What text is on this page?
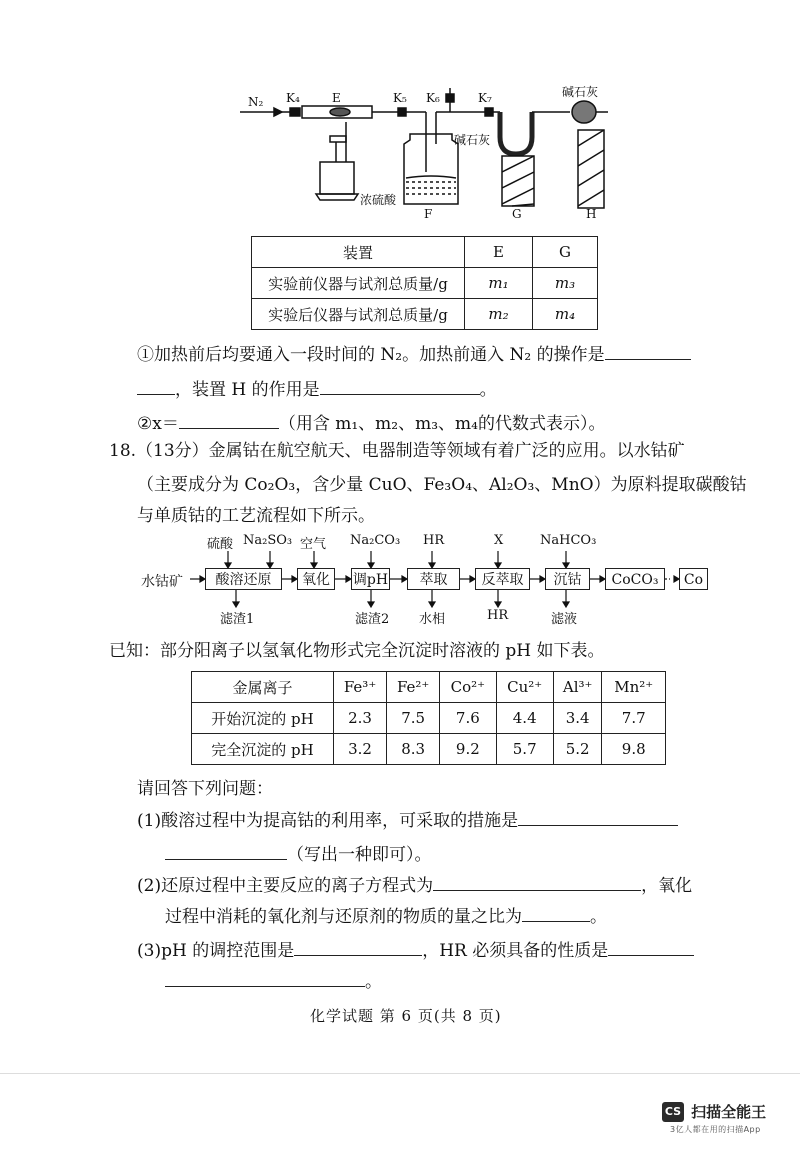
N₂ K₄	E	K₅ K₆	K₇	碱石灰
碱石灰
浓硫酸
F	G	H
装置	E	G
实验前仪器与试剂总质量/g	m₁	m₃
实验后仪器与试剂总质量/g	m₂	m₄
①加热前后均要通入一段时间的 N₂。加热前通入 N₂ 的操作是
，装置 H 的作用是	。
②x＝	（用含 m₁、m₂、m₃、m₄的代数式表示）。
18.（13分）金属钴在航空航天、电器制造等领域有着广泛的应用。以水钴矿
（主要成分为 Co₂O₃，含少量 CuO、Fe₃O₄、Al₂O₃、MnO）为原料提取碳酸钴
与单质钴的工艺流程如下所示。
水钴矿	酸溶还原	氧化	调pH	萃取	反萃取	沉钴	CoCO₃	Co
硫酸 Na₂SO₃ 空气 Na₂CO₃ HR	X	NaHCO₃
滤渣1	滤渣2 水相	HR	滤液
已知：部分阳离子以氢氧化物形式完全沉淀时溶液的 pH 如下表。
金属离子	Fe³⁺	Fe²⁺	Co²⁺	Cu²⁺	Al³⁺	Mn²⁺
开始沉淀的 pH	2.3	7.5	7.6	4.4	3.4	7.7
完全沉淀的 pH	3.2	8.3	9.2	5.7	5.2	9.8
请回答下列问题：
(1)酸溶过程中为提高钴的利用率，可采取的措施是
（写出一种即可）。
(2)还原过程中主要反应的离子方程式为	，氧化
过程中消耗的氧化剂与还原剂的物质的量之比为	。
(3)pH 的调控范围是	，HR 必须具备的性质是
。
化学试题 第 6 页(共 8 页)
CS 扫描全能王
3亿人都在用的扫描App
